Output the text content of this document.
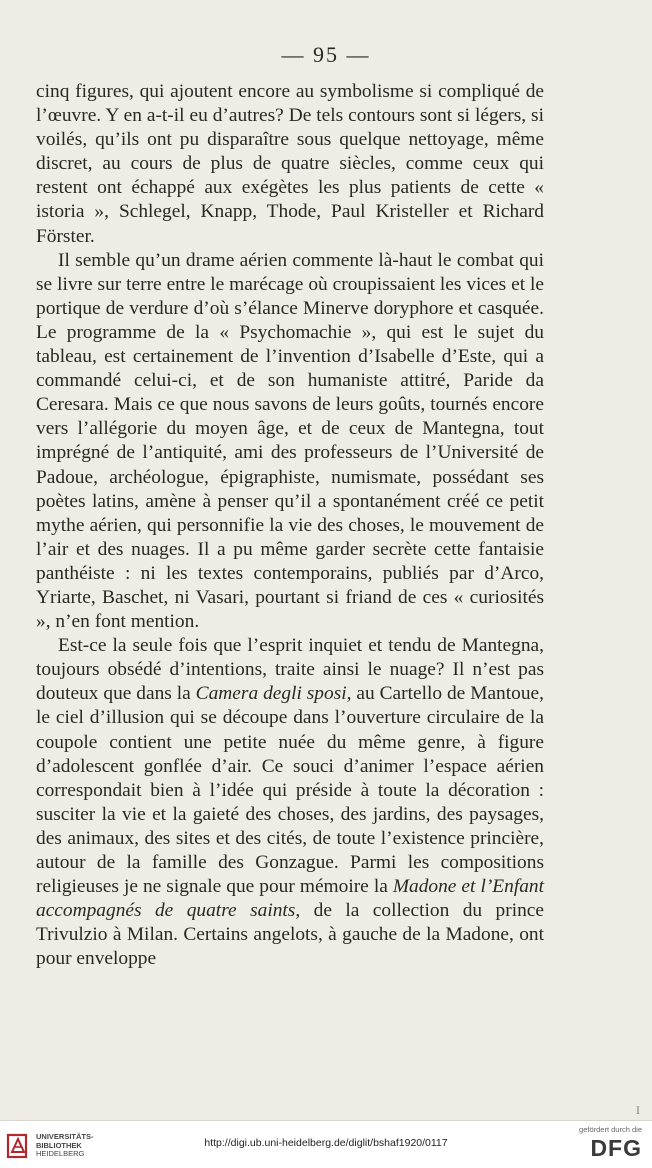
— 95 —

cinq figures, qui ajoutent encore au symbolisme si compliqué de l’œuvre. Y en a-t-il eu d’autres? De tels contours sont si légers, si voilés, qu’ils ont pu disparaître sous quelque nettoyage, même discret, au cours de plus de quatre siècles, comme ceux qui restent ont échappé aux exégètes les plus patients de cette « istoria », Schlegel, Knapp, Thode, Paul Kristeller et Richard Förster.

Il semble qu’un drame aérien commente là-haut le combat qui se livre sur terre entre le marécage où croupissaient les vices et le portique de verdure d’où s’élance Minerve doryphore et casquée. Le programme de la « Psychomachie », qui est le sujet du tableau, est certainement de l’invention d’Isabelle d’Este, qui a commandé celui-ci, et de son humaniste attitré, Paride da Ceresara. Mais ce que nous savons de leurs goûts, tournés encore vers l’allégorie du moyen âge, et de ceux de Mantegna, tout imprégné de l’antiquité, ami des professeurs de l’Université de Padoue, archéologue, épigraphiste, numismate, possédant ses poètes latins, amène à penser qu’il a spontanément créé ce petit mythe aérien, qui personnifie la vie des choses, le mouvement de l’air et des nuages. Il a pu même garder secrète cette fantaisie panthéiste : ni les textes contemporains, publiés par d’Arco, Yriarte, Baschet, ni Vasari, pourtant si friand de ces « curiosités », n’en font mention.

Est-ce la seule fois que l’esprit inquiet et tendu de Mantegna, toujours obsédé d’intentions, traite ainsi le nuage? Il n’est pas douteux que dans la Camera degli sposi, au Cartello de Mantoue, le ciel d’illusion qui se découpe dans l’ouverture circulaire de la coupole contient une petite nuée du même genre, à figure d’adolescent gonflée d’air. Ce souci d’animer l’espace aérien correspondait bien à l’idée qui préside à toute la décoration : susciter la vie et la gaieté des choses, des jardins, des paysages, des animaux, des sites et des cités, de toute l’existence princière, autour de la famille des Gonzague. Parmi les compositions religieuses je ne signale que pour mémoire la Madone et l’Enfant accompagnés de quatre saints, de la collection du prince Trivulzio à Milan. Certains angelots, à gauche de la Madone, ont pour enveloppe

I
UNIVERSITÄTS-
BIBLIOTHEK
HEIDELBERG
http://digi.ub.uni-heidelberg.de/diglit/bshaf1920/0117
gefördert durch die
DFG
